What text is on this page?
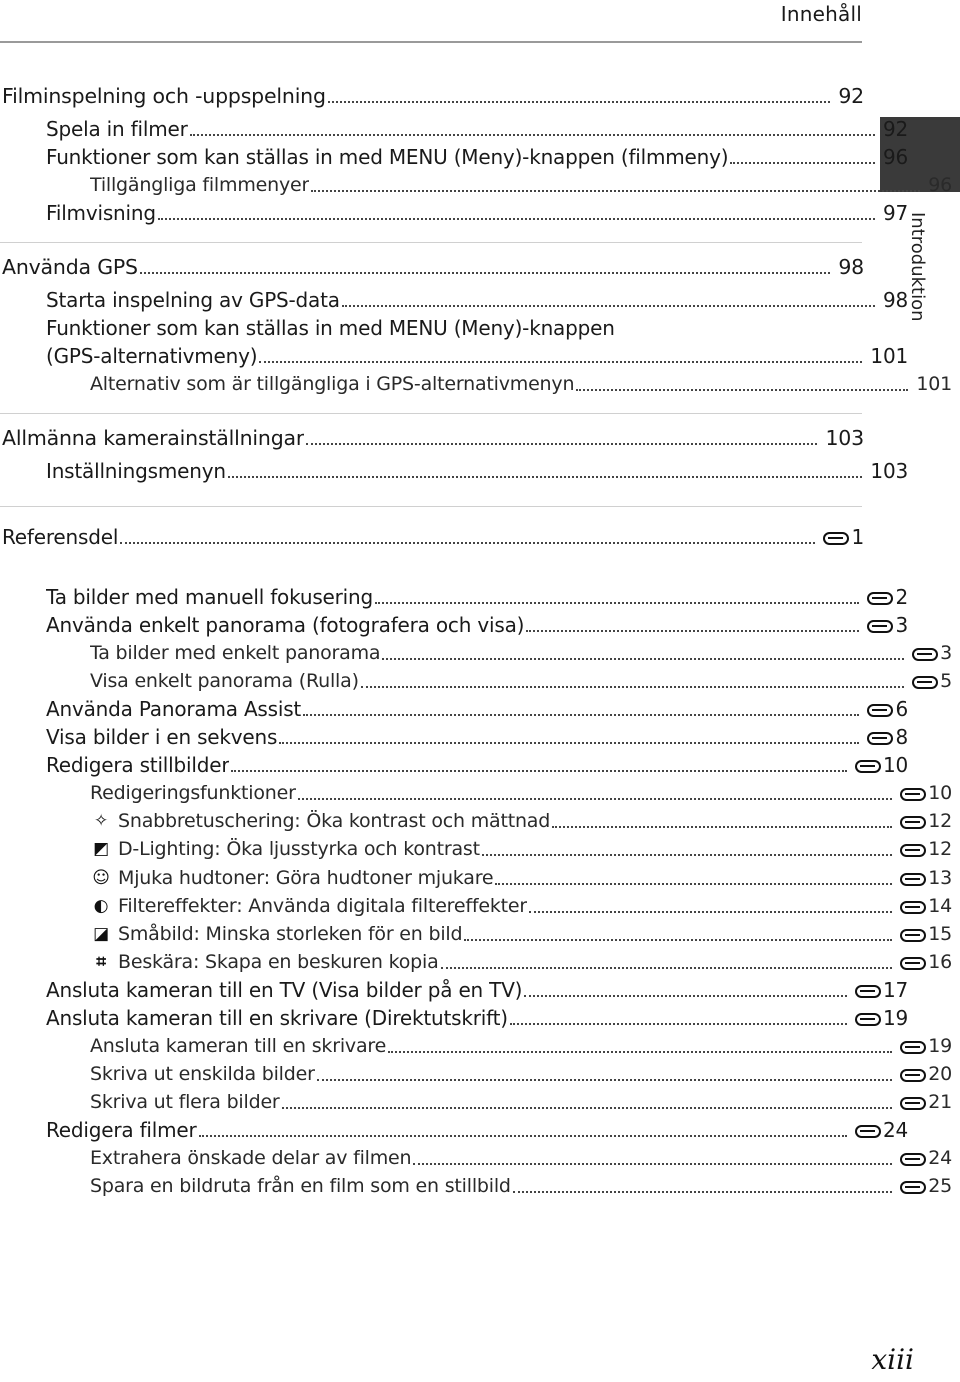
Innehåll
Introduktion
Filminspelning och -uppspelning	92
Spela in filmer	92
Funktioner som kan ställas in med MENU (Meny)-knappen (filmmeny)	96
Tillgängliga filmmenyer	96
Filmvisning	97
Använda GPS	98
Starta inspelning av GPS-data	98
Funktioner som kan ställas in med MENU (Meny)-knappen
(GPS-alternativmeny)	101
Alternativ som är tillgängliga i GPS-alternativmenyn	101
Allmänna kamerainställningar	103
Inställningsmenyn	103
Referensdel	1
Ta bilder med manuell fokusering	2
Använda enkelt panorama (fotografera och visa)	3
Ta bilder med enkelt panorama	3
Visa enkelt panorama (Rulla)	5
Använda Panorama Assist	6
Visa bilder i en sekvens	8
Redigera stillbilder	10
Redigeringsfunktioner	10
✧ Snabbretuschering: Öka kontrast och mättnad	12
◩ D-Lighting: Öka ljusstyrka och kontrast	12
☺ Mjuka hudtoner: Göra hudtoner mjukare	13
◐ Filtereffekter: Använda digitala filtereffekter	14
◪ Småbild: Minska storleken för en bild	15
⌗ Beskära: Skapa en beskuren kopia	16
Ansluta kameran till en TV (Visa bilder på en TV)	17
Ansluta kameran till en skrivare (Direktutskrift)	19
Ansluta kameran till en skrivare	19
Skriva ut enskilda bilder	20
Skriva ut flera bilder	21
Redigera filmer	24
Extrahera önskade delar av filmen	24
Spara en bildruta från en film som en stillbild	25
xiii
